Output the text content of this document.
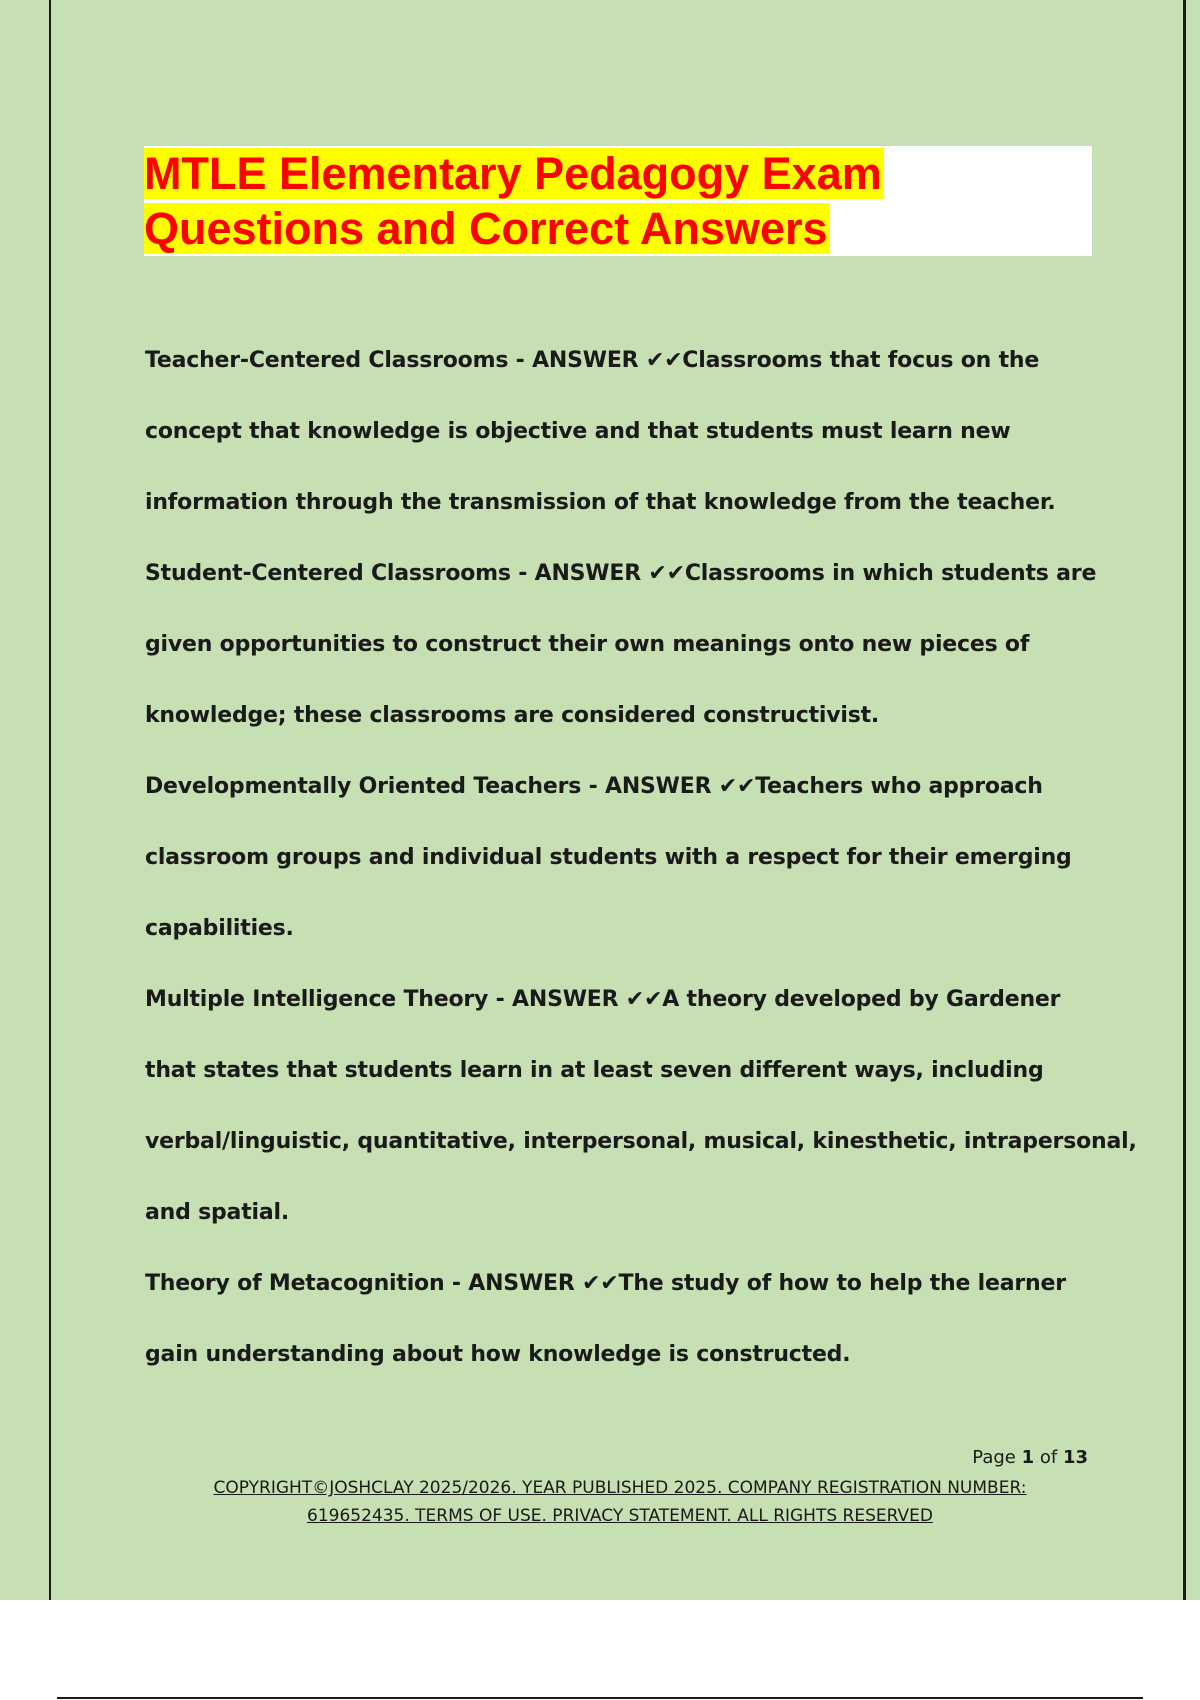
MTLE Elementary Pedagogy Exam
Questions and Correct Answers

Teacher-Centered Classrooms - ANSWER ✔✔Classrooms that focus on the
concept that knowledge is objective and that students must learn new
information through the transmission of that knowledge from the teacher.

Student-Centered Classrooms - ANSWER ✔✔Classrooms in which students are
given opportunities to construct their own meanings onto new pieces of
knowledge; these classrooms are considered constructivist.

Developmentally Oriented Teachers - ANSWER ✔✔Teachers who approach
classroom groups and individual students with a respect for their emerging
capabilities.

Multiple Intelligence Theory - ANSWER ✔✔A theory developed by Gardener
that states that students learn in at least seven different ways, including
verbal/linguistic, quantitative, interpersonal, musical, kinesthetic, intrapersonal,
and spatial.

Theory of Metacognition - ANSWER ✔✔The study of how to help the learner
gain understanding about how knowledge is constructed.

Page 1 of 13
COPYRIGHT©JOSHCLAY 2025/2026. YEAR PUBLISHED 2025. COMPANY REGISTRATION NUMBER:
619652435. TERMS OF USE. PRIVACY STATEMENT. ALL RIGHTS RESERVED
